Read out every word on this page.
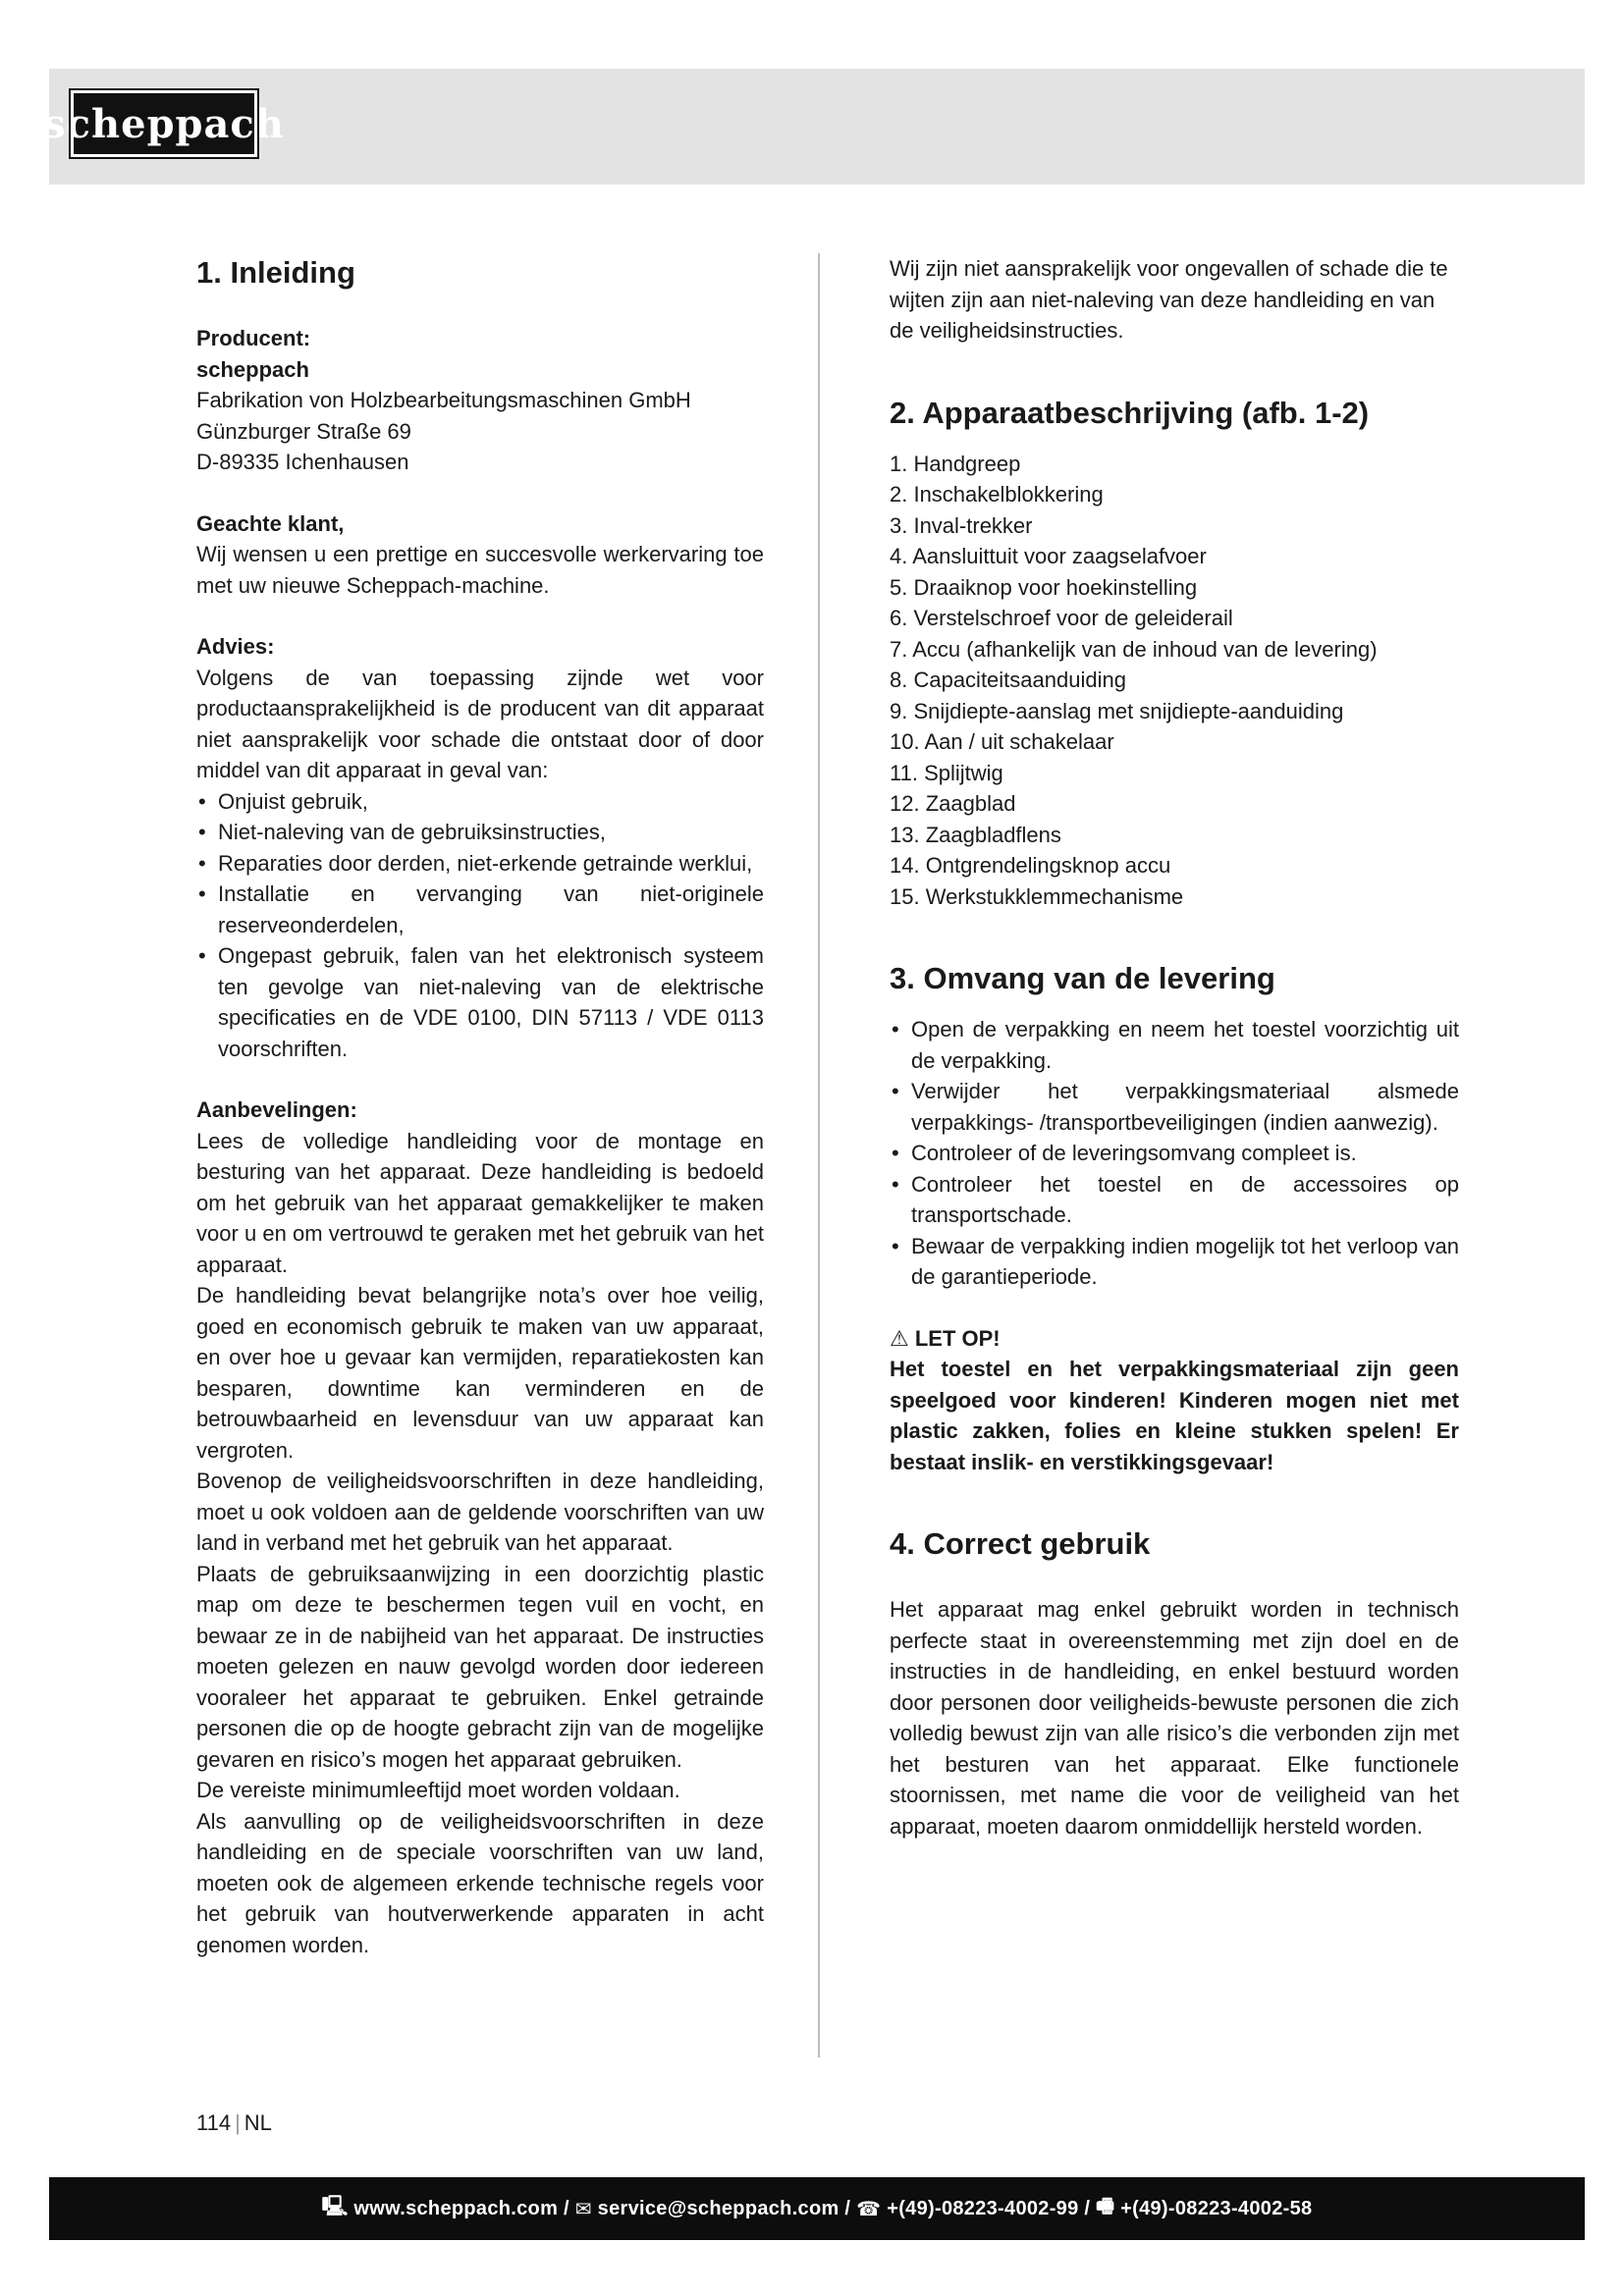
scheppach
1. Inleiding

Producent:

scheppach

Fabrikation von Holzbearbeitungsmaschinen GmbH

Günzburger Straße 69

D-89335 Ichenhausen

Geachte klant,

Wij wensen u een prettige en succesvolle werkervaring toe met uw nieuwe Scheppach-machine.

Advies:

Volgens de van toepassing zijnde wet voor productaansprakelijkheid is de producent van dit apparaat niet aansprakelijk voor schade die ontstaat door of door middel van dit apparaat in geval van:

• Onjuist gebruik,
• Niet-naleving van de gebruiksinstructies,
• Reparaties door derden, niet-erkende getrainde werklui,
• Installatie en vervanging van niet-originele reserveonderdelen,
• Ongepast gebruik, falen van het elektronisch systeem ten gevolge van niet-naleving van de elektrische specificaties en de VDE 0100, DIN 57113 / VDE 0113 voorschriften.

Aanbevelingen:

Lees de volledige handleiding voor de montage en besturing van het apparaat. Deze handleiding is bedoeld om het gebruik van het apparaat gemakkelijker te maken voor u en om vertrouwd te geraken met het gebruik van het apparaat.

De handleiding bevat belangrijke nota’s over hoe veilig, goed en economisch gebruik te maken van uw apparaat, en over hoe u gevaar kan vermijden, reparatiekosten kan besparen, downtime kan verminderen en de betrouwbaarheid en levensduur van uw apparaat kan vergroten.

Bovenop de veiligheidsvoorschriften in deze handleiding, moet u ook voldoen aan de geldende voorschriften van uw land in verband met het gebruik van het apparaat.

Plaats de gebruiksaanwijzing in een doorzichtig plastic map om deze te beschermen tegen vuil en vocht, en bewaar ze in de nabijheid van het apparaat. De instructies moeten gelezen en nauw gevolgd worden door iedereen vooraleer het apparaat te gebruiken. Enkel getrainde personen die op de hoogte gebracht zijn van de mogelijke gevaren en risico’s mogen het apparaat gebruiken.

De vereiste minimumleeftijd moet worden voldaan.

Als aanvulling op de veiligheidsvoorschriften in deze handleiding en de speciale voorschriften van uw land, moeten ook de algemeen erkende technische regels voor het gebruik van houtverwerkende apparaten in acht genomen worden.

Wij zijn niet aansprakelijk voor ongevallen of schade die te wijten zijn aan niet-naleving van deze handleiding en van de veiligheidsinstructies.

2. Apparaatbeschrijving (afb. 1-2)
1. Handgreep
2. Inschakelblokkering
3. Inval-trekker
4. Aansluittuit voor zaagselafvoer
5. Draaiknop voor hoekinstelling
6. Verstelschroef voor de geleiderail
7. Accu (afhankelijk van de inhoud van de levering)
8. Capaciteitsaanduiding
9. Snijdiepte-aanslag met snijdiepte-aanduiding
10. Aan / uit schakelaar
11. Splijtwig
12. Zaagblad
13. Zaagbladflens
14. Ontgrendelingsknop accu
15. Werkstukklemmechanisme
3. Omvang van de levering
• Open de verpakking en neem het toestel voorzichtig uit de verpakking.
• Verwijder het verpakkingsmateriaal alsmede verpakkings- /transportbeveiligingen (indien aanwezig).
• Controleer of de leveringsomvang compleet is.
• Controleer het toestel en de accessoires op transportschade.
• Bewaar de verpakking indien mogelijk tot het verloop van de garantieperiode.

⚠ LET OP!

Het toestel en het verpakkingsmateriaal zijn geen speelgoed voor kinderen! Kinderen mogen niet met plastic zakken, folies en kleine stukken spelen! Er bestaat inslik- en verstikkingsgevaar!

4. Correct gebruik

Het apparaat mag enkel gebruikt worden in technisch perfecte staat in overeenstemming met zijn doel en de instructies in de handleiding, en enkel bestuurd worden door personen door veiligheids-bewuste personen die zich volledig bewust zijn van alle risico’s die verbonden zijn met het besturen van het apparaat. Elke functionele stoornissen, met name die voor de veiligheid van het apparaat, moeten daarom onmiddellijk hersteld worden.

114 | NL
🖳
www.scheppach.com / ✉
service@scheppach.com / ☎
+(49)-08223-4002-99 / 🖷
+(49)-08223-4002-58
